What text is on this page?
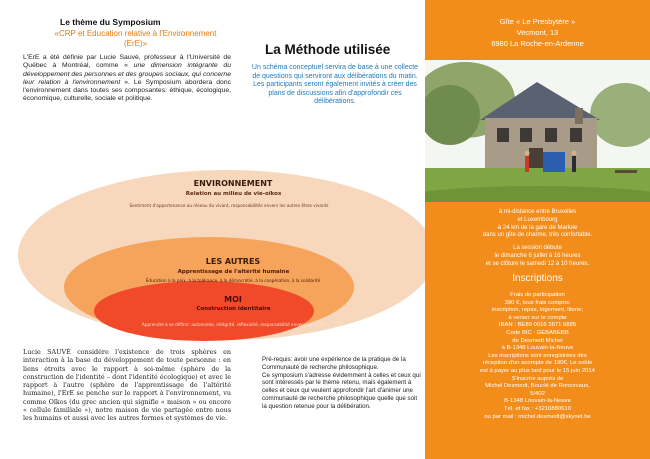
Le thème du Symposium
«CRP et Education relative à l'Environnement (ErE)»
L'ErE a été définie par Lucie Sauvé, professeur à l'Université de Québec à Montréal, comme « une dimension intégrante du développement des personnes et des groupes sociaux, qui concerne leur relation à l'environnement ». Le Symposium abordera donc l'environnement dans toutes ses composantes: éthique, écologique, économique, culturelle, sociale et politique.
Lucie SAUVÉ considère l'existence de trois sphères en interaction à la base du développement de toute personne : en liens étroits avec le rapport à soi-même (sphère de la construction de l'identité – dont l'identité écologique) et avec le rapport à l'autre (sphère de l'apprentissage de l'altérité humaine), l'ErE se penche sur le rapport à l'environnement, vu comme Oïkos (du grec ancien qui signifie « maison » ou encore « cellule familiale »), notre maison de vie partagée entre nous les humains et aussi avec les autres formes et systèmes de vie.
ENVIRONNEMENT
Relation au milieu de vie-oïkos
Sentiment d'appartenance au réseau du vivant, responsabilités envers les autres êtres vivants
LES AUTRES
Apprentissage de l'altérité humaine
Éducation à la paix, à la tolérance, à la démocratie, à la coopération, à la solidarité
MOI
Construction identitaire
Apprendre à se définir: autonomie, intégrité, réflexivité, responsabilité envers ses actes
La Méthode utilisée
Un schéma conceptuel servira de base à une collecte de questions qui serviront aux délibérations du matin. Les participants seront également invités à créer des plans de discussions afin d'approfondir ces délibérations.

Pré-requis: avoir une expérience de la pratique de la Communauté de recherche philosophique.

Ce symposium s'adresse évidemment à celles et ceux qui sont intéressés par le thème retenu, mais également à celles et ceux qui veulent approfondir l'art d'animer une communauté de recherche philosophique quelle que soit la question retenue pour la délibération.

Gîte « Le Presbytère »
Vecmont, 13
6980 La Roche-en-Ardenne
à mi-distance entre Bruxelles
et Luxembourg
à 24 km de la gare de Marloie
dans un gîte de charme, très confortable.
La session débute
le dimanche 6 juillet à 16 heures
et se clôture le samedi 12 à 10 heures.
Inscriptions
Frais de participation
390 €, tous frais compris:
inscription, repas, logement, literie;
à verser sur le compte
IBAN : BE89 0016 3871 6885
Code BIC : GEBABEBB
de Desmedt Michel
à B-1348 Louvain-la-Neuve
Les inscriptions sont enregistrées dès
réception d'un acompte de 190€. Le solde
est à payer au plus tard pour le 15 juin 2014
S'inscrire auprès de
Michel Desmedt, Bouclé de Roncevaux,
5/402
B-1348 Louvain-la-Neuve
Tél. et fax : +3210880610
ou par mail : michel.desmedt@skynet.be
